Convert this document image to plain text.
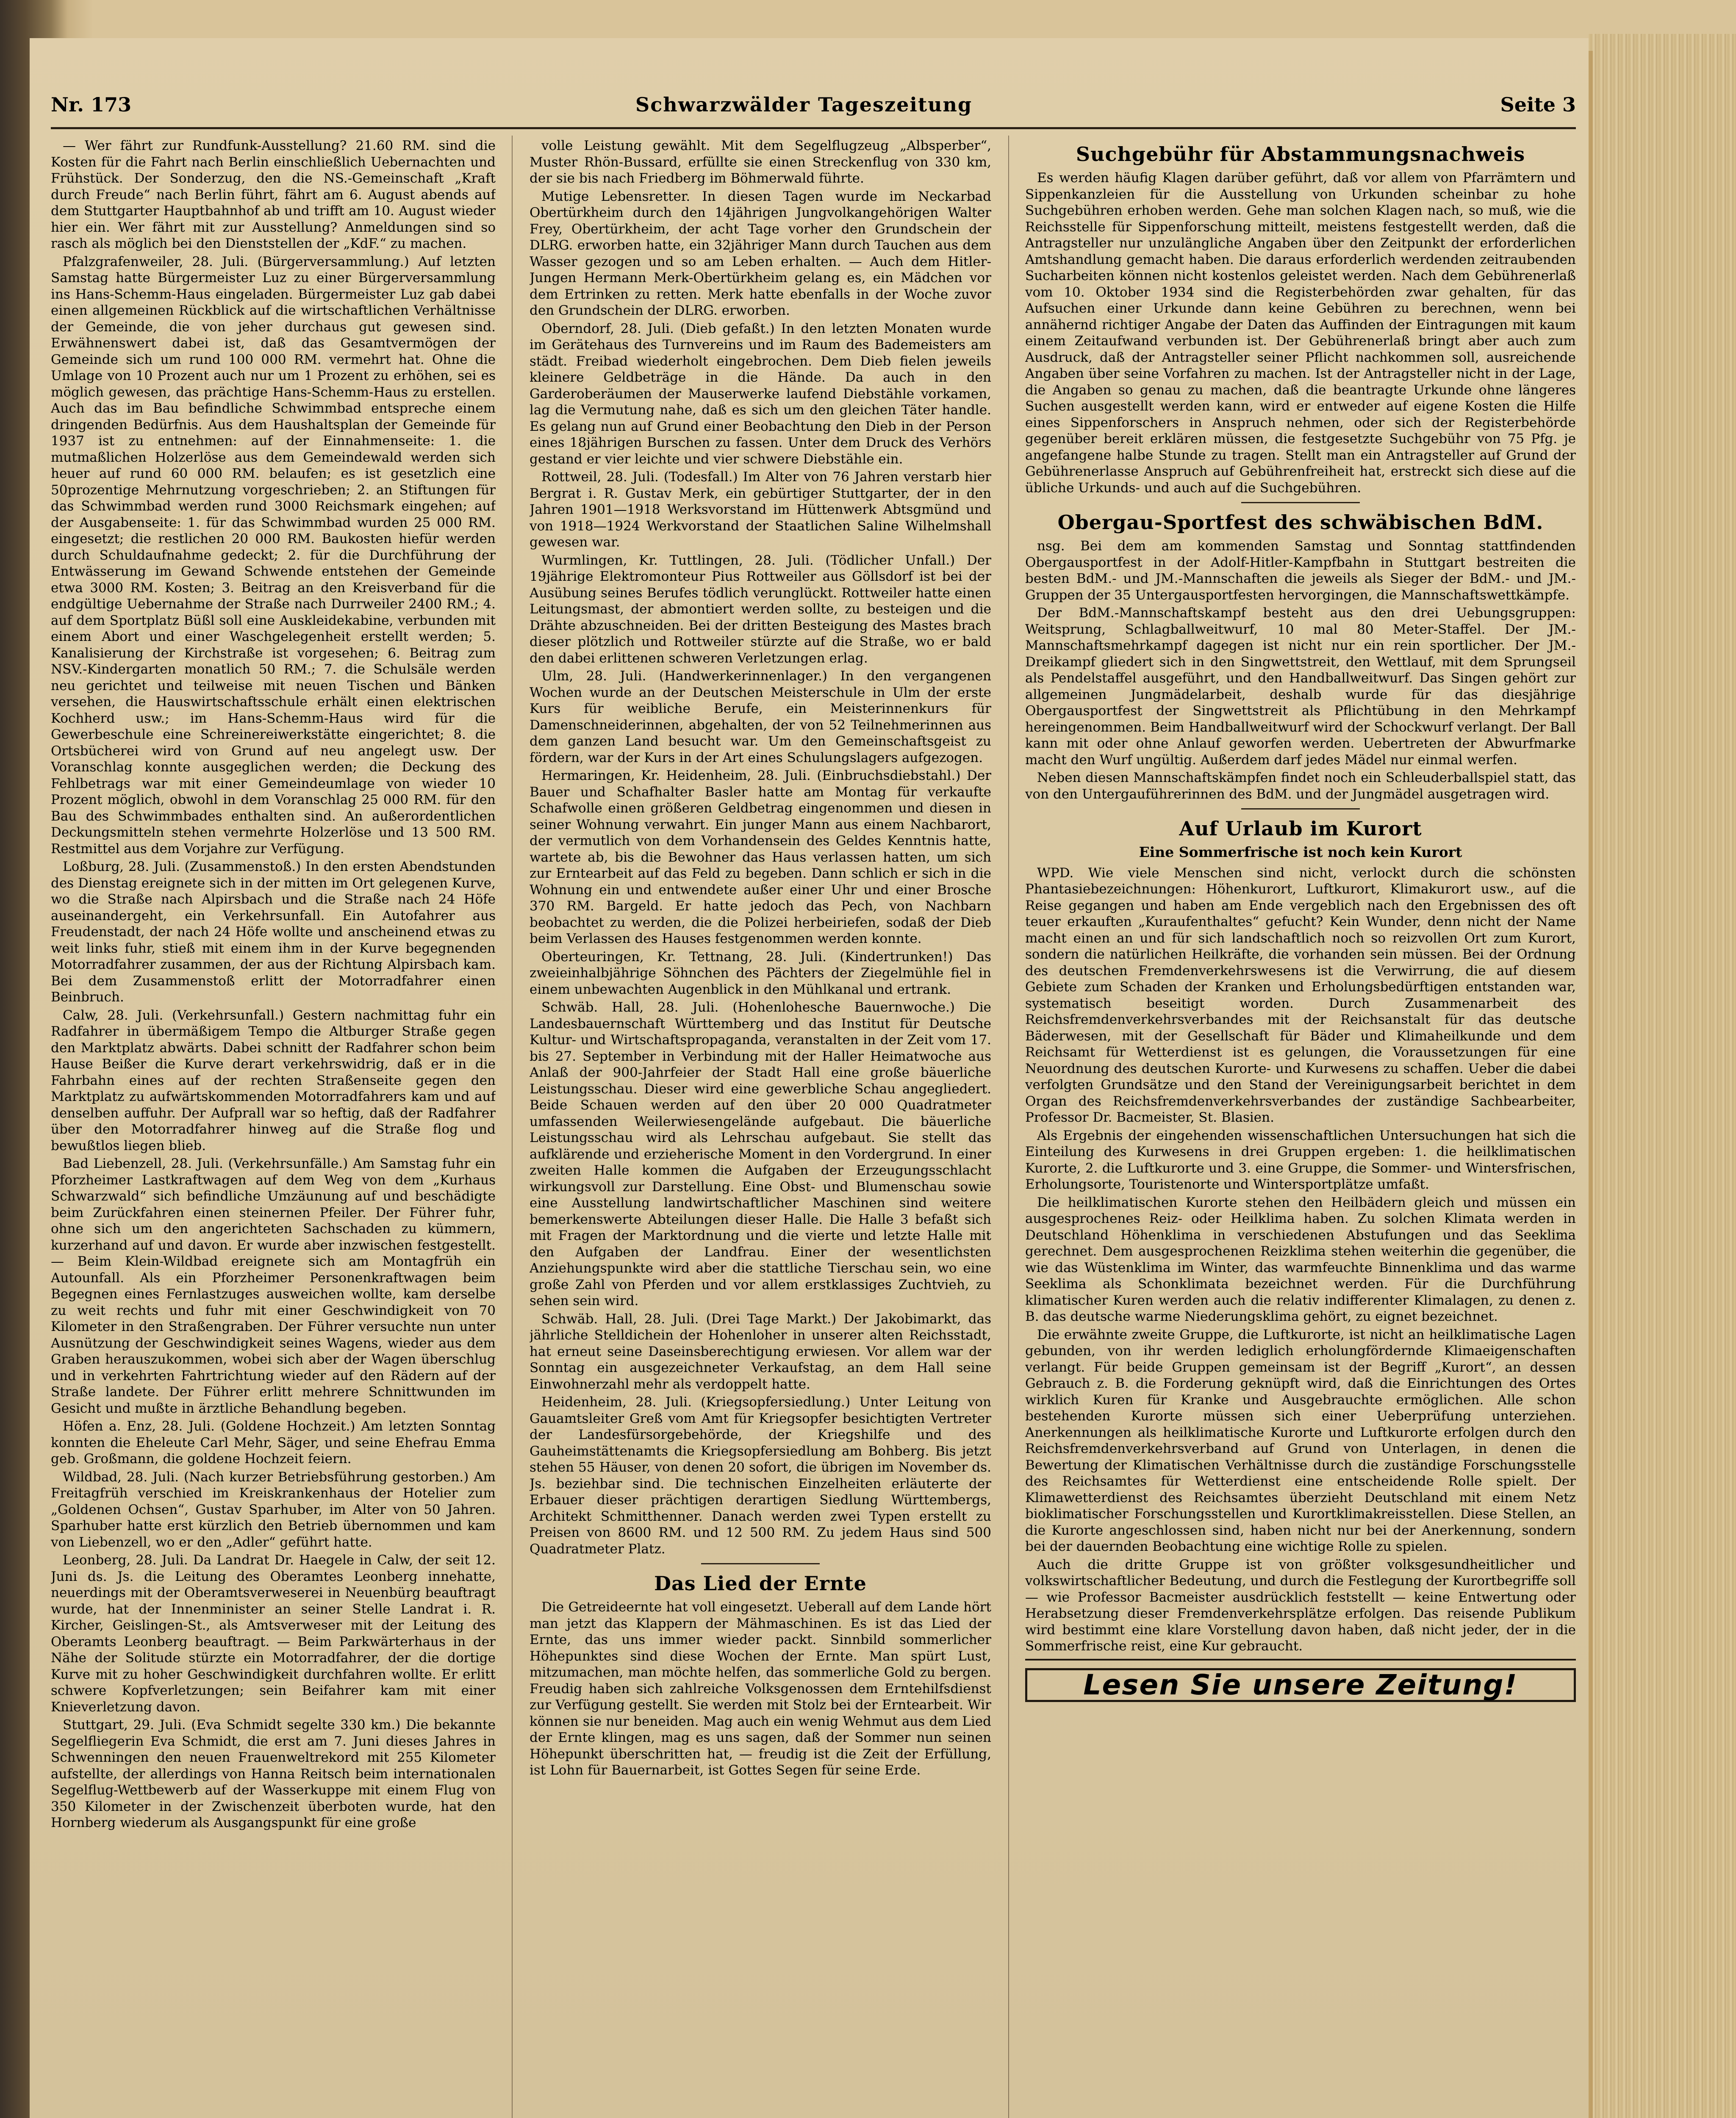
Nr. 173	Schwarzwälder Tageszeitung	Seite 3

— Wer fährt zur Rundfunk-Ausstellung? 21.60 RM. sind die Kosten für die Fahrt nach Berlin einschließlich Uebernachten und Frühstück. Der Sonderzug, den die NS.-Gemeinschaft „Kraft durch Freude“ nach Berlin führt, fährt am 6. August abends auf dem Stuttgarter Hauptbahnhof ab und trifft am 10. August wieder hier ein. Wer fährt mit zur Ausstellung? Anmeldungen sind so rasch als möglich bei den Dienststellen der „KdF.“ zu machen.

Pfalzgrafenweiler, 28. Juli. (Bürgerversammlung.) Auf letzten Samstag hatte Bürgermeister Luz zu einer Bürgerversammlung ins Hans-Schemm-Haus eingeladen. Bürgermeister Luz gab dabei einen allgemeinen Rückblick auf die wirtschaftlichen Verhältnisse der Gemeinde, die von jeher durchaus gut gewesen sind. Erwähnenswert dabei ist, daß das Gesamtvermögen der Gemeinde sich um rund 100 000 RM. vermehrt hat. Ohne die Umlage von 10 Prozent auch nur um 1 Prozent zu erhöhen, sei es möglich gewesen, das prächtige Hans-Schemm-Haus zu erstellen. Auch das im Bau befindliche Schwimmbad entspreche einem dringenden Bedürfnis. Aus dem Haushaltsplan der Gemeinde für 1937 ist zu entnehmen: auf der Einnahmenseite: 1. die mutmaßlichen Holzerlöse aus dem Gemeindewald werden sich heuer auf rund 60 000 RM. belaufen; es ist gesetzlich eine 50prozentige Mehrnutzung vorgeschrieben; 2. an Stiftungen für das Schwimmbad werden rund 3000 Reichsmark eingehen; auf der Ausgabenseite: 1. für das Schwimmbad wurden 25 000 RM. eingesetzt; die restlichen 20 000 RM. Baukosten hiefür werden durch Schuldaufnahme gedeckt; 2. für die Durchführung der Entwässerung im Gewand Schwende entstehen der Gemeinde etwa 3000 RM. Kosten; 3. Beitrag an den Kreisverband für die endgültige Uebernahme der Straße nach Durrweiler 2400 RM.; 4. auf dem Sportplatz Büßl soll eine Auskleidekabine, verbunden mit einem Abort und einer Waschgelegenheit erstellt werden; 5. Kanalisierung der Kirchstraße ist vorgesehen; 6. Beitrag zum NSV.-Kindergarten monatlich 50 RM.; 7. die Schulsäle werden neu gerichtet und teilweise mit neuen Tischen und Bänken versehen, die Hauswirtschaftsschule erhält einen elektrischen Kochherd usw.; im Hans-Schemm-Haus wird für die Gewerbeschule eine Schreinereiwerkstätte eingerichtet; 8. die Ortsbücherei wird von Grund auf neu angelegt usw. Der Voranschlag konnte ausgeglichen werden; die Deckung des Fehlbetrags war mit einer Gemeindeumlage von wieder 10 Prozent möglich, obwohl in dem Voranschlag 25 000 RM. für den Bau des Schwimmbades enthalten sind. An außerordentlichen Deckungsmitteln stehen vermehrte Holzerlöse und 13 500 RM. Restmittel aus dem Vorjahre zur Verfügung.

Loßburg, 28. Juli. (Zusammenstoß.) In den ersten Abendstunden des Dienstag ereignete sich in der mitten im Ort gelegenen Kurve, wo die Straße nach Alpirsbach und die Straße nach 24 Höfe auseinandergeht, ein Verkehrsunfall. Ein Autofahrer aus Freudenstadt, der nach 24 Höfe wollte und anscheinend etwas zu weit links fuhr, stieß mit einem ihm in der Kurve begegnenden Motorradfahrer zusammen, der aus der Richtung Alpirsbach kam. Bei dem Zusammenstoß erlitt der Motorradfahrer einen Beinbruch.

Calw, 28. Juli. (Verkehrsunfall.) Gestern nachmittag fuhr ein Radfahrer in übermäßigem Tempo die Altburger Straße gegen den Marktplatz abwärts. Dabei schnitt der Radfahrer schon beim Hause Beißer die Kurve derart verkehrswidrig, daß er in die Fahrbahn eines auf der rechten Straßenseite gegen den Marktplatz zu aufwärtskommenden Motorradfahrers kam und auf denselben auffuhr. Der Aufprall war so heftig, daß der Radfahrer über den Motorradfahrer hinweg auf die Straße flog und bewußtlos liegen blieb.

Bad Liebenzell, 28. Juli. (Verkehrsunfälle.) Am Samstag fuhr ein Pforzheimer Lastkraftwagen auf dem Weg von dem „Kurhaus Schwarzwald“ sich befindliche Umzäunung auf und beschädigte beim Zurückfahren einen steinernen Pfeiler. Der Führer fuhr, ohne sich um den angerichteten Sachschaden zu kümmern, kurzerhand auf und davon. Er wurde aber inzwischen festgestellt. — Beim Klein-Wildbad ereignete sich am Montagfrüh ein Autounfall. Als ein Pforzheimer Personenkraftwagen beim Begegnen eines Fernlastzuges ausweichen wollte, kam derselbe zu weit rechts und fuhr mit einer Geschwindigkeit von 70 Kilometer in den Straßengraben. Der Führer versuchte nun unter Ausnützung der Geschwindigkeit seines Wagens, wieder aus dem Graben herauszukommen, wobei sich aber der Wagen überschlug und in verkehrten Fahrtrichtung wieder auf den Rädern auf der Straße landete. Der Führer erlitt mehrere Schnittwunden im Gesicht und mußte in ärztliche Behandlung begeben.

Höfen a. Enz, 28. Juli. (Goldene Hochzeit.) Am letzten Sonntag konnten die Eheleute Carl Mehr, Säger, und seine Ehefrau Emma geb. Großmann, die goldene Hochzeit feiern.

Wildbad, 28. Juli. (Nach kurzer Betriebsführung gestorben.) Am Freitagfrüh verschied im Kreiskrankenhaus der Hotelier zum „Goldenen Ochsen“, Gustav Sparhuber, im Alter von 50 Jahren. Sparhuber hatte erst kürzlich den Betrieb übernommen und kam von Liebenzell, wo er den „Adler“ geführt hatte.

Leonberg, 28. Juli. Da Landrat Dr. Haegele in Calw, der seit 12. Juni ds. Js. die Leitung des Oberamtes Leonberg innehatte, neuerdings mit der Oberamtsverweserei in Neuenbürg beauftragt wurde, hat der Innenminister an seiner Stelle Landrat i. R. Kircher, Geislingen-St., als Amtsverweser mit der Leitung des Oberamts Leonberg beauftragt. — Beim Parkwärterhaus in der Nähe der Solitude stürzte ein Motorradfahrer, der die dortige Kurve mit zu hoher Geschwindigkeit durchfahren wollte. Er erlitt schwere Kopfverletzungen; sein Beifahrer kam mit einer Knieverletzung davon.

Stuttgart, 29. Juli. (Eva Schmidt segelte 330 km.) Die bekannte Segelfliegerin Eva Schmidt, die erst am 7. Juni dieses Jahres in Schwenningen den neuen Frauenweltrekord mit 255 Kilometer aufstellte, der allerdings von Hanna Reitsch beim internationalen Segelflug-Wettbewerb auf der Wasserkuppe mit einem Flug von 350 Kilometer in der Zwischenzeit überboten wurde, hat den Hornberg wiederum als Ausgangspunkt für eine große

volle Leistung gewählt. Mit dem Segelflugzeug „Albsperber“, Muster Rhön-Bussard, erfüllte sie einen Streckenflug von 330 km, der sie bis nach Friedberg im Böhmerwald führte.

Mutige Lebensretter. In diesen Tagen wurde im Neckarbad Obertürkheim durch den 14jährigen Jungvolkangehörigen Walter Frey, Obertürkheim, der acht Tage vorher den Grundschein der DLRG. erworben hatte, ein 32jähriger Mann durch Tauchen aus dem Wasser gezogen und so am Leben erhalten. — Auch dem Hitler-Jungen Hermann Merk-Obertürkheim gelang es, ein Mädchen vor dem Ertrinken zu retten. Merk hatte ebenfalls in der Woche zuvor den Grundschein der DLRG. erworben.

Oberndorf, 28. Juli. (Dieb gefaßt.) In den letzten Monaten wurde im Gerätehaus des Turnvereins und im Raum des Bademeisters am städt. Freibad wiederholt eingebrochen. Dem Dieb fielen jeweils kleinere Geldbeträge in die Hände. Da auch in den Garderoberäumen der Mauserwerke laufend Diebstähle vorkamen, lag die Vermutung nahe, daß es sich um den gleichen Täter handle. Es gelang nun auf Grund einer Beobachtung den Dieb in der Person eines 18jährigen Burschen zu fassen. Unter dem Druck des Verhörs gestand er vier leichte und vier schwere Diebstähle ein.

Rottweil, 28. Juli. (Todesfall.) Im Alter von 76 Jahren verstarb hier Bergrat i. R. Gustav Merk, ein gebürtiger Stuttgarter, der in den Jahren 1901—1918 Werksvorstand im Hüttenwerk Abtsgmünd und von 1918—1924 Werkvorstand der Staatlichen Saline Wilhelmshall gewesen war.

Wurmlingen, Kr. Tuttlingen, 28. Juli. (Tödlicher Unfall.) Der 19jährige Elektromonteur Pius Rottweiler aus Göllsdorf ist bei der Ausübung seines Berufes tödlich verunglückt. Rottweiler hatte einen Leitungsmast, der abmontiert werden sollte, zu besteigen und die Drähte abzuschneiden. Bei der dritten Besteigung des Mastes brach dieser plötzlich und Rottweiler stürzte auf die Straße, wo er bald den dabei erlittenen schweren Verletzungen erlag.

Ulm, 28. Juli. (Handwerkerinnenlager.) In den vergangenen Wochen wurde an der Deutschen Meisterschule in Ulm der erste Kurs für weibliche Berufe, ein Meisterinnenkurs für Damenschneiderinnen, abgehalten, der von 52 Teilnehmerinnen aus dem ganzen Land besucht war. Um den Gemeinschaftsgeist zu fördern, war der Kurs in der Art eines Schulungslagers aufgezogen.

Hermaringen, Kr. Heidenheim, 28. Juli. (Einbruchsdiebstahl.) Der Bauer und Schafhalter Basler hatte am Montag für verkaufte Schafwolle einen größeren Geldbetrag eingenommen und diesen in seiner Wohnung verwahrt. Ein junger Mann aus einem Nachbarort, der vermutlich von dem Vorhandensein des Geldes Kenntnis hatte, wartete ab, bis die Bewohner das Haus verlassen hatten, um sich zur Erntearbeit auf das Feld zu begeben. Dann schlich er sich in die Wohnung ein und entwendete außer einer Uhr und einer Brosche 370 RM. Bargeld. Er hatte jedoch das Pech, von Nachbarn beobachtet zu werden, die die Polizei herbeiriefen, sodaß der Dieb beim Verlassen des Hauses festgenommen werden konnte.

Oberteuringen, Kr. Tettnang, 28. Juli. (Kindertrunken!) Das zweieinhalbjährige Söhnchen des Pächters der Ziegelmühle fiel in einem unbewachten Augenblick in den Mühlkanal und ertrank.

Schwäb. Hall, 28. Juli. (Hohenlohesche Bauernwoche.) Die Landesbauernschaft Württemberg und das Institut für Deutsche Kultur- und Wirtschaftspropaganda, veranstalten in der Zeit vom 17. bis 27. September in Verbindung mit der Haller Heimatwoche aus Anlaß der 900-Jahrfeier der Stadt Hall eine große bäuerliche Leistungsschau. Dieser wird eine gewerbliche Schau angegliedert. Beide Schauen werden auf den über 20 000 Quadratmeter umfassenden Weilerwiesengelände aufgebaut. Die bäuerliche Leistungsschau wird als Lehrschau aufgebaut. Sie stellt das aufklärende und erzieherische Moment in den Vordergrund. In einer zweiten Halle kommen die Aufgaben der Erzeugungsschlacht wirkungsvoll zur Darstellung. Eine Obst- und Blumenschau sowie eine Ausstellung landwirtschaftlicher Maschinen sind weitere bemerkenswerte Abteilungen dieser Halle. Die Halle 3 befaßt sich mit Fragen der Marktordnung und die vierte und letzte Halle mit den Aufgaben der Landfrau. Einer der wesentlichsten Anziehungspunkte wird aber die stattliche Tierschau sein, wo eine große Zahl von Pferden und vor allem erstklassiges Zuchtvieh, zu sehen sein wird.

Schwäb. Hall, 28. Juli. (Drei Tage Markt.) Der Jakobimarkt, das jährliche Stelldichein der Hohenloher in unserer alten Reichsstadt, hat erneut seine Daseinsberechtigung erwiesen. Vor allem war der Sonntag ein ausgezeichneter Verkaufstag, an dem Hall seine Einwohnerzahl mehr als verdoppelt hatte.

Heidenheim, 28. Juli. (Kriegsopfersiedlung.) Unter Leitung von Gauamtsleiter Greß vom Amt für Kriegsopfer besichtigten Vertreter der Landesfürsorgebehörde, der Kriegshilfe und des Gauheimstättenamts die Kriegsopfersiedlung am Bohberg. Bis jetzt stehen 55 Häuser, von denen 20 sofort, die übrigen im November ds. Js. beziehbar sind. Die technischen Einzelheiten erläuterte der Erbauer dieser prächtigen derartigen Siedlung Württembergs, Architekt Schmitthenner. Danach werden zwei Typen erstellt zu Preisen von 8600 RM. und 12 500 RM. Zu jedem Haus sind 500 Quadratmeter Platz.

Das Lied der Ernte

Die Getreideernte hat voll eingesetzt. Ueberall auf dem Lande hört man jetzt das Klappern der Mähmaschinen. Es ist das Lied der Ernte, das uns immer wieder packt. Sinnbild sommerlicher Höhepunktes sind diese Wochen der Ernte. Man spürt Lust, mitzumachen, man möchte helfen, das sommerliche Gold zu bergen. Freudig haben sich zahlreiche Volksgenossen dem Erntehilfsdienst zur Verfügung gestellt. Sie werden mit Stolz bei der Erntearbeit. Wir können sie nur beneiden. Mag auch ein wenig Wehmut aus dem Lied der Ernte klingen, mag es uns sagen, daß der Sommer nun seinen Höhepunkt überschritten hat, — freudig ist die Zeit der Erfüllung, ist Lohn für Bauernarbeit, ist Gottes Segen für seine Erde.

Suchgebühr für Abstammungsnachweis

Es werden häufig Klagen darüber geführt, daß vor allem von Pfarrämtern und Sippenkanzleien für die Ausstellung von Urkunden scheinbar zu hohe Suchgebühren erhoben werden. Gehe man solchen Klagen nach, so muß, wie die Reichsstelle für Sippenforschung mitteilt, meistens festgestellt werden, daß die Antragsteller nur unzulängliche Angaben über den Zeitpunkt der erforderlichen Amtshandlung gemacht haben. Die daraus erforderlich werdenden zeitraubenden Sucharbeiten können nicht kostenlos geleistet werden. Nach dem Gebührenerlaß vom 10. Oktober 1934 sind die Registerbehörden zwar gehalten, für das Aufsuchen einer Urkunde dann keine Gebühren zu berechnen, wenn bei annähernd richtiger Angabe der Daten das Auffinden der Eintragungen mit kaum einem Zeitaufwand verbunden ist. Der Gebührenerlaß bringt aber auch zum Ausdruck, daß der Antragsteller seiner Pflicht nachkommen soll, ausreichende Angaben über seine Vorfahren zu machen. Ist der Antragsteller nicht in der Lage, die Angaben so genau zu machen, daß die beantragte Urkunde ohne längeres Suchen ausgestellt werden kann, wird er entweder auf eigene Kosten die Hilfe eines Sippenforschers in Anspruch nehmen, oder sich der Registerbehörde gegenüber bereit erklären müssen, die festgesetzte Suchgebühr von 75 Pfg. je angefangene halbe Stunde zu tragen. Stellt man ein Antragsteller auf Grund der Gebührenerlasse Anspruch auf Gebührenfreiheit hat, erstreckt sich diese auf die übliche Urkunds- und auch auf die Suchgebühren.

Obergau-Sportfest des schwäbischen BdM.

nsg. Bei dem am kommenden Samstag und Sonntag stattfindenden Obergausportfest in der Adolf-Hitler-Kampfbahn in Stuttgart bestreiten die besten BdM.- und JM.-Mannschaften die jeweils als Sieger der BdM.- und JM.-Gruppen der 35 Untergausportfesten hervorgingen, die Mannschaftswettkämpfe.

Der BdM.-Mannschaftskampf besteht aus den drei Uebungsgruppen: Weitsprung, Schlagballweitwurf, 10 mal 80 Meter-Staffel. Der JM.-Mannschaftsmehrkampf dagegen ist nicht nur ein rein sportlicher. Der JM.-Dreikampf gliedert sich in den Singwettstreit, den Wettlauf, mit dem Sprungseil als Pendelstaffel ausgeführt, und den Handballweitwurf. Das Singen gehört zur allgemeinen Jungmädelarbeit, deshalb wurde für das diesjährige Obergausportfest der Singwettstreit als Pflichtübung in den Mehrkampf hereingenommen. Beim Handballweitwurf wird der Schockwurf verlangt. Der Ball kann mit oder ohne Anlauf geworfen werden. Uebertreten der Abwurfmarke macht den Wurf ungültig. Außerdem darf jedes Mädel nur einmal werfen.

Neben diesen Mannschaftskämpfen findet noch ein Schleuderballspiel statt, das von den Untergauführerinnen des BdM. und der Jungmädel ausgetragen wird.

Auf Urlaub im Kurort
Eine Sommerfrische ist noch kein Kurort

WPD. Wie viele Menschen sind nicht, verlockt durch die schönsten Phantasiebezeichnungen: Höhenkurort, Luftkurort, Klimakurort usw., auf die Reise gegangen und haben am Ende vergeblich nach den Ergebnissen des oft teuer erkauften „Kuraufenthaltes“ gefucht? Kein Wunder, denn nicht der Name macht einen an und für sich landschaftlich noch so reizvollen Ort zum Kurort, sondern die natürlichen Heilkräfte, die vorhanden sein müssen. Bei der Ordnung des deutschen Fremdenverkehrswesens ist die Verwirrung, die auf diesem Gebiete zum Schaden der Kranken und Erholungsbedürftigen entstanden war, systematisch beseitigt worden. Durch Zusammenarbeit des Reichsfremdenverkehrsverbandes mit der Reichsanstalt für das deutsche Bäderwesen, mit der Gesellschaft für Bäder und Klimaheilkunde und dem Reichsamt für Wetterdienst ist es gelungen, die Voraussetzungen für eine Neuordnung des deutschen Kurorte- und Kurwesens zu schaffen. Ueber die dabei verfolgten Grundsätze und den Stand der Vereinigungsarbeit berichtet in dem Organ des Reichsfremdenverkehrsverbandes der zuständige Sachbearbeiter, Professor Dr. Bacmeister, St. Blasien.

Als Ergebnis der eingehenden wissenschaftlichen Untersuchungen hat sich die Einteilung des Kurwesens in drei Gruppen ergeben: 1. die heilklimatischen Kurorte, 2. die Luftkurorte und 3. eine Gruppe, die Sommer- und Wintersfrischen, Erholungsorte, Touristenorte und Wintersportplätze umfaßt.

Die heilklimatischen Kurorte stehen den Heilbädern gleich und müssen ein ausgesprochenes Reiz- oder Heilklima haben. Zu solchen Klimata werden in Deutschland Höhenklima in verschiedenen Abstufungen und das Seeklima gerechnet. Dem ausgesprochenen Reizklima stehen weiterhin die gegenüber, die wie das Wüstenklima im Winter, das warmfeuchte Binnenklima und das warme Seeklima als Schonklimata bezeichnet werden. Für die Durchführung klimatischer Kuren werden auch die relativ indifferenter Klimalagen, zu denen z. B. das deutsche warme Niederungsklima gehört, zu eignet bezeichnet.

Die erwähnte zweite Gruppe, die Luftkurorte, ist nicht an heilklimatische Lagen gebunden, von ihr werden lediglich erholungfördernde Klimaeigenschaften verlangt. Für beide Gruppen gemeinsam ist der Begriff „Kurort“, an dessen Gebrauch z. B. die Forderung geknüpft wird, daß die Einrichtungen des Ortes wirklich Kuren für Kranke und Ausgebrauchte ermöglichen. Alle schon bestehenden Kurorte müssen sich einer Ueberprüfung unterziehen. Anerkennungen als heilklimatische Kurorte und Luftkurorte erfolgen durch den Reichsfremdenverkehrsverband auf Grund von Unterlagen, in denen die Bewertung der Klimatischen Verhältnisse durch die zuständige Forschungsstelle des Reichsamtes für Wetterdienst eine entscheidende Rolle spielt. Der Klimawetterdienst des Reichsamtes überzieht Deutschland mit einem Netz bioklimatischer Forschungsstellen und Kurortklimakreisstellen. Diese Stellen, an die Kurorte angeschlossen sind, haben nicht nur bei der Anerkennung, sondern bei der dauernden Beobachtung eine wichtige Rolle zu spielen.

Auch die dritte Gruppe ist von größter volksgesundheitlicher und volkswirtschaftlicher Bedeutung, und durch die Festlegung der Kurortbegriffe soll — wie Professor Bacmeister ausdrücklich feststellt — keine Entwertung oder Herabsetzung dieser Fremdenverkehrsplätze erfolgen. Das reisende Publikum wird bestimmt eine klare Vorstellung davon haben, daß nicht jeder, der in die Sommerfrische reist, eine Kur gebraucht.

Lesen Sie unsere Zeitung!
